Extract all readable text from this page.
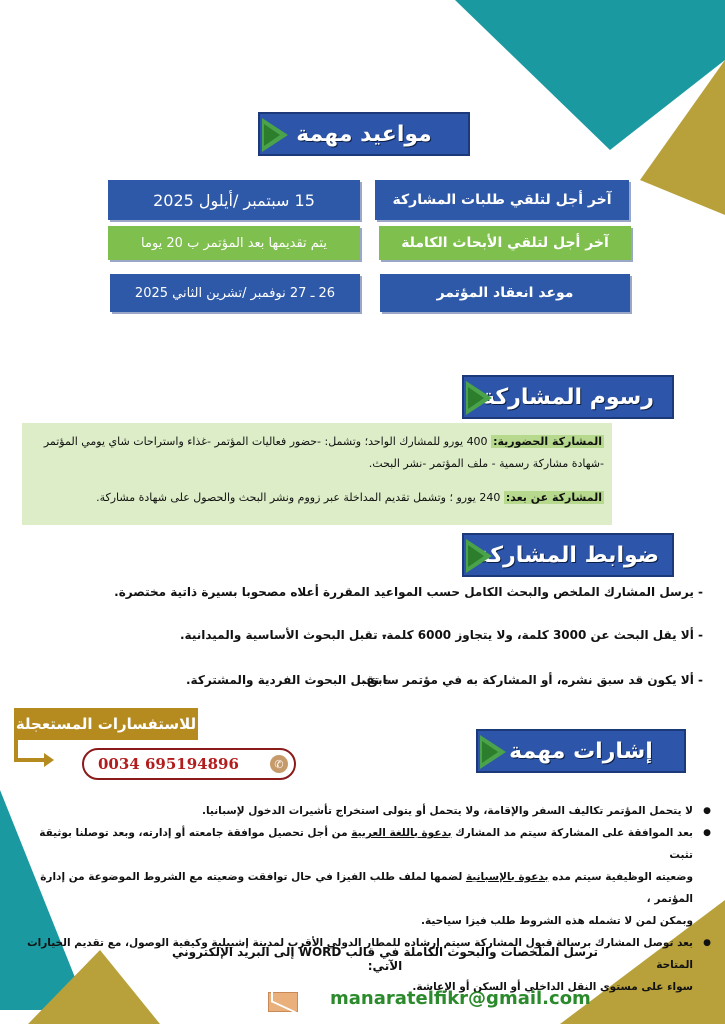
مواعيد مهمة
آخر أجل لتلقي طلبات المشاركة
15 سبتمبر /أيلول 2025
آخر أجل لتلقي الأبحاث الكاملة
يتم تقديمها بعد المؤتمر ب 20 يوما
موعد انعقاد المؤتمر
26 ـ 27 نوفمبر /تشرين الثاني 2025
رسوم المشاركة
المشاركة الحضورية: 400 يورو للمشارك الواحد؛ وتشمل: -حضور فعاليات المؤتمر -غذاء واستراحات شاي يومي المؤتمر
-شهادة مشاركة رسمية - ملف المؤتمر -نشر البحث.
المشاركة عن بعد: 240 يورو ؛ وتشمل تقديم المداخلة عبر زووم ونشر البحث والحصول على شهادة مشاركة.
ضوابط المشاركة
- يرسل المشارك الملخص والبحث الكامل حسب المواعيد المقررة أعلاه مصحوبا بسيرة ذاتية مختصرة.
- ألا يقل البحث عن 3000 كلمة، ولا يتجاوز 6000 كلمة.
- تقبل البحوث الأساسية والميدانية.
- ألا يكون قد سبق نشره، أو المشاركة به في مؤتمر سابق.
- تقبل البحوث الفردية والمشتركة.
للاستفسارات المستعجلة
0034 695194896	✆
إشارات مهمة
● لا يتحمل المؤتمر تكاليف السفر والإقامة، ولا يتحمل أو يتولى استخراج تأشيرات الدخول لإسبانيا.
● بعد الموافقة على المشاركة سيتم مد المشارك بدعوة باللغة العربية من أجل تحصيل موافقة جامعته أو إدارته، وبعد توصلنا بوثيقة تثبت
وضعيته الوظيفية سيتم مده بدعوة بالإسبانية لضمها لملف طلب الفيزا في حال توافقت وضعيته مع الشروط الموضوعة من إدارة المؤتمر ،
وبمكن لمن لا تشمله هذه الشروط طلب فيزا سياحية.
● بعد توصل المشارك برسالة قبول المشاركة سيتم إرشاده للمطار الدولي الأقرب لمدينة إشبيلية وكيفية الوصول، مع تقديم الخيارات المتاحة
سواء على مستوى النقل الداخلي أو السكن أو الإعاشة.
ترسل الملخصات والبحوث الكاملة في قالب WORD إلى البريد الإلكتروني الآتي:
manaratelfikr@gmail.com
